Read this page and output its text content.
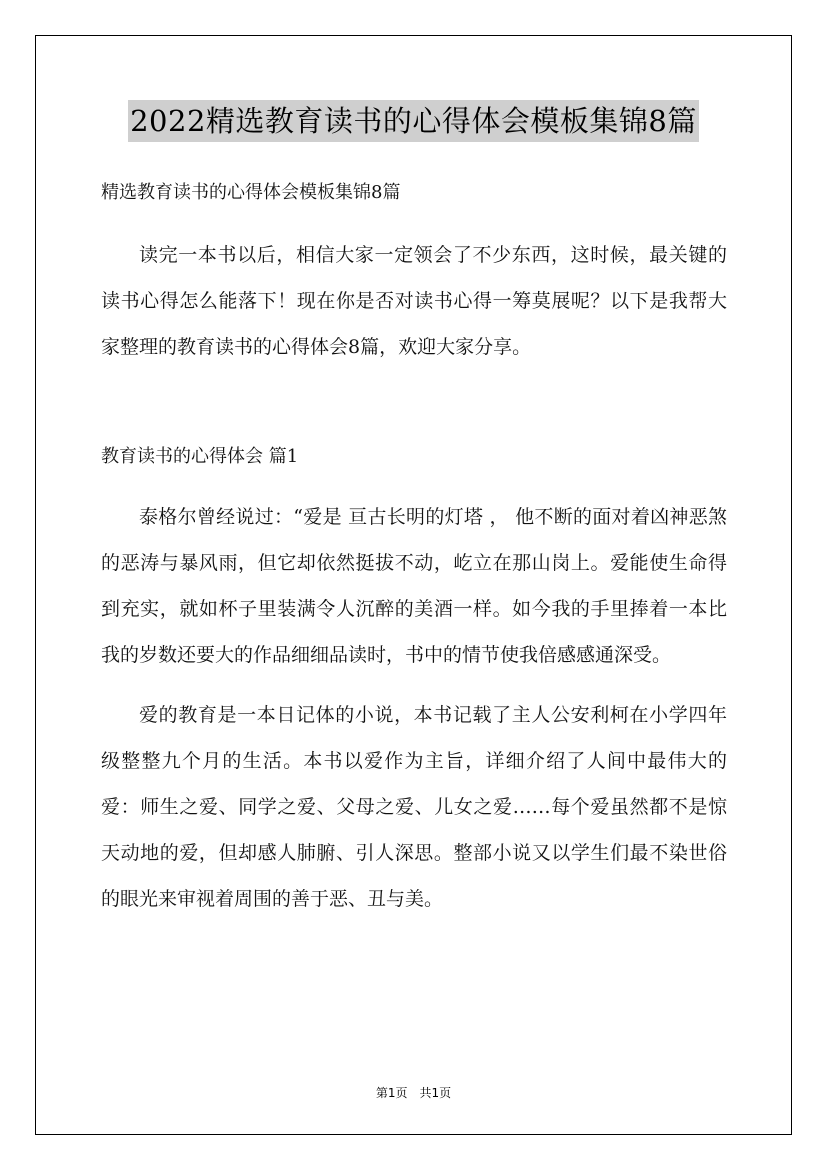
2022精选教育读书的心得体会模板集锦8篇

精选教育读书的心得体会模板集锦8篇

读完一本书以后，相信大家一定领会了不少东西，这时候，最关键的读书心得怎么能落下！现在你是否对读书心得一筹莫展呢？以下是我帮大家整理的教育读书的心得体会8篇，欢迎大家分享。

教育读书的心得体会 篇1

泰格尔曾经说过：“爱是 亘古长明的灯塔 ， 他不断的面对着凶神恶煞的恶涛与暴风雨，但它却依然挺拔不动，屹立在那山岗上。爱能使生命得到充实，就如杯子里装满令人沉醉的美酒一样。如今我的手里捧着一本比我的岁数还要大的作品细细品读时，书中的情节使我倍感感通深受。

爱的教育是一本日记体的小说，本书记载了主人公安利柯在小学四年级整整九个月的生活。本书以爱作为主旨，详细介绍了人间中最伟大的爱：师生之爱、同学之爱、父母之爱、儿女之爱……每个爱虽然都不是惊天动地的爱，但却感人肺腑、引人深思。整部小说又以学生们最不染世俗的眼光来审视着周围的善于恶、丑与美。

第1页　共1页
